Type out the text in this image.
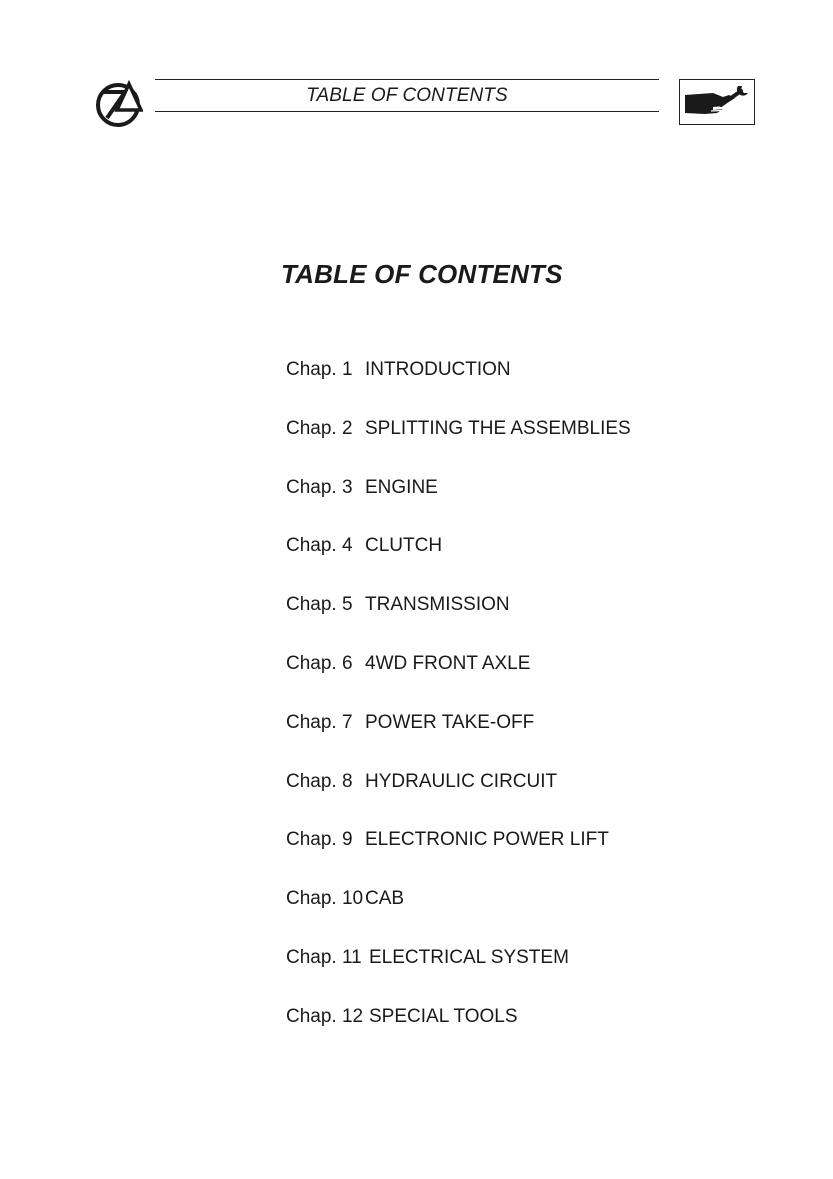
TABLE OF CONTENTS
TABLE OF CONTENTS
Chap. 1 INTRODUCTION
Chap. 2 SPLITTING THE ASSEMBLIES
Chap. 3 ENGINE
Chap. 4 CLUTCH
Chap. 5 TRANSMISSION
Chap. 6 4WD FRONT AXLE
Chap. 7 POWER TAKE-OFF
Chap. 8 HYDRAULIC CIRCUIT
Chap. 9 ELECTRONIC POWER LIFT
Chap. 10 CAB
Chap. 11 ELECTRICAL SYSTEM
Chap. 12 SPECIAL TOOLS
